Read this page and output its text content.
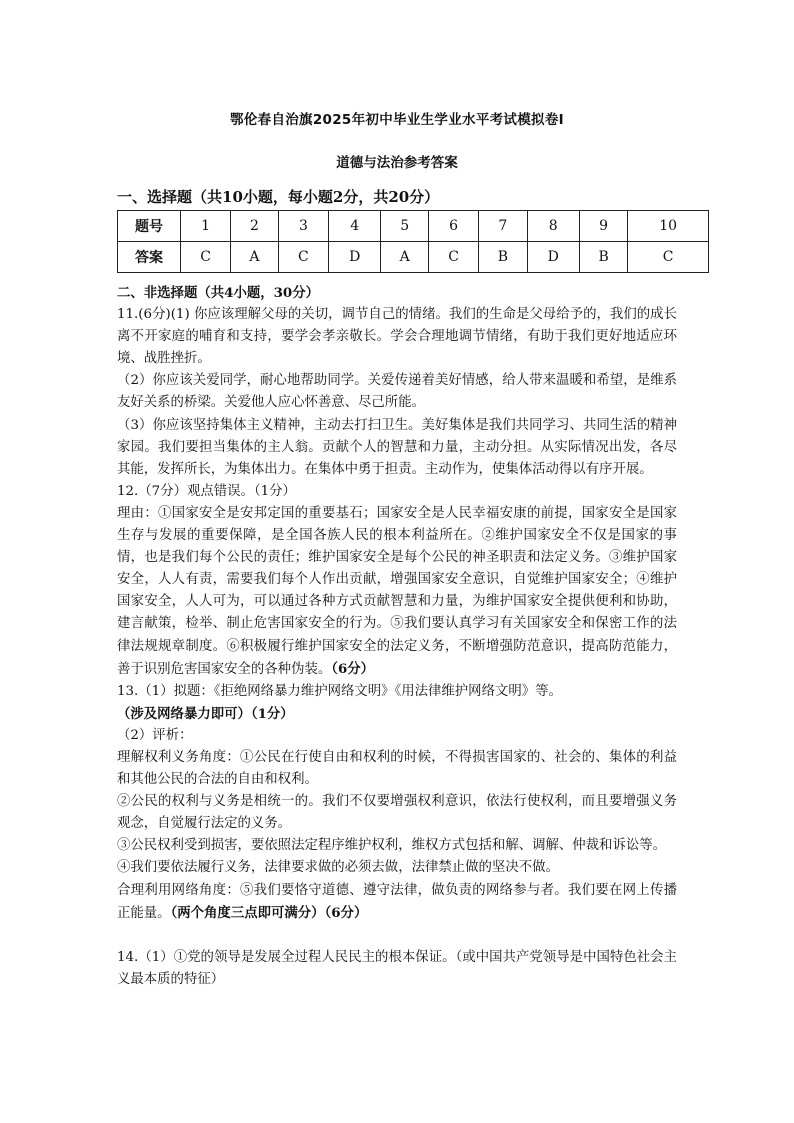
鄂伦春自治旗2025年初中毕业生学业水平考试模拟卷Ⅰ
道德与法治参考答案
一、选择题（共10小题，每小题2分，共20分）
题号	1	2	3	4	5	6	7	8	9	10
答案	C	A	C	D	A	C	B	D	B	C

二、非选择题（共4小题，30分）

11.(6分)(1) 你应该理解父母的关切，调节自己的情绪。我们的生命是父母给予的，我们的成长离不开家庭的哺育和支持，要学会孝亲敬长。学会合理地调节情绪，有助于我们更好地适应环境、战胜挫折。

（2）你应该关爱同学，耐心地帮助同学。关爱传递着美好情感，给人带来温暖和希望，是维系友好关系的桥梁。关爱他人应心怀善意、尽己所能。

（3）你应该坚持集体主义精神，主动去打扫卫生。美好集体是我们共同学习、共同生活的精神家园。我们要担当集体的主人翁。贡献个人的智慧和力量，主动分担。从实际情况出发，各尽其能，发挥所长，为集体出力。在集体中勇于担责。主动作为，使集体活动得以有序开展。

12.（7分）观点错误。（1分）

理由：①国家安全是安邦定国的重要基石；国家安全是人民幸福安康的前提，国家安全是国家生存与发展的重要保障，是全国各族人民的根本利益所在。②维护国家安全不仅是国家的事情，也是我们每个公民的责任；维护国家安全是每个公民的神圣职责和法定义务。③维护国家安全，人人有责，需要我们每个人作出贡献，增强国家安全意识，自觉维护国家安全；④维护国家安全，人人可为，可以通过各种方式贡献智慧和力量，为维护国家安全提供便利和协助，建言献策，检举、制止危害国家安全的行为。⑤我们要认真学习有关国家安全和保密工作的法律法规规章制度。⑥积极履行维护国家安全的法定义务，不断增强防范意识，提高防范能力，善于识别危害国家安全的各种伪装。（6分）

13.（1）拟题：《拒绝网络暴力维护网络文明》《用法律维护网络文明》等。

（涉及网络暴力即可）（1分）

（2）评析：

理解权利义务角度：①公民在行使自由和权利的时候，不得损害国家的、社会的、集体的利益和其他公民的合法的自由和权利。

②公民的权利与义务是相统一的。我们不仅要增强权利意识，依法行使权利，而且要增强义务观念，自觉履行法定的义务。

③公民权利受到损害，要依照法定程序维护权利，维权方式包括和解、调解、仲裁和诉讼等。

④我们要依法履行义务，法律要求做的必须去做，法律禁止做的坚决不做。

合理利用网络角度：⑤我们要恪守道德、遵守法律，做负责的网络参与者。我们要在网上传播正能量。（两个角度三点即可满分）（6分）

14.（1）①党的领导是发展全过程人民民主的根本保证。（或中国共产党领导是中国特色社会主义最本质的特征）
